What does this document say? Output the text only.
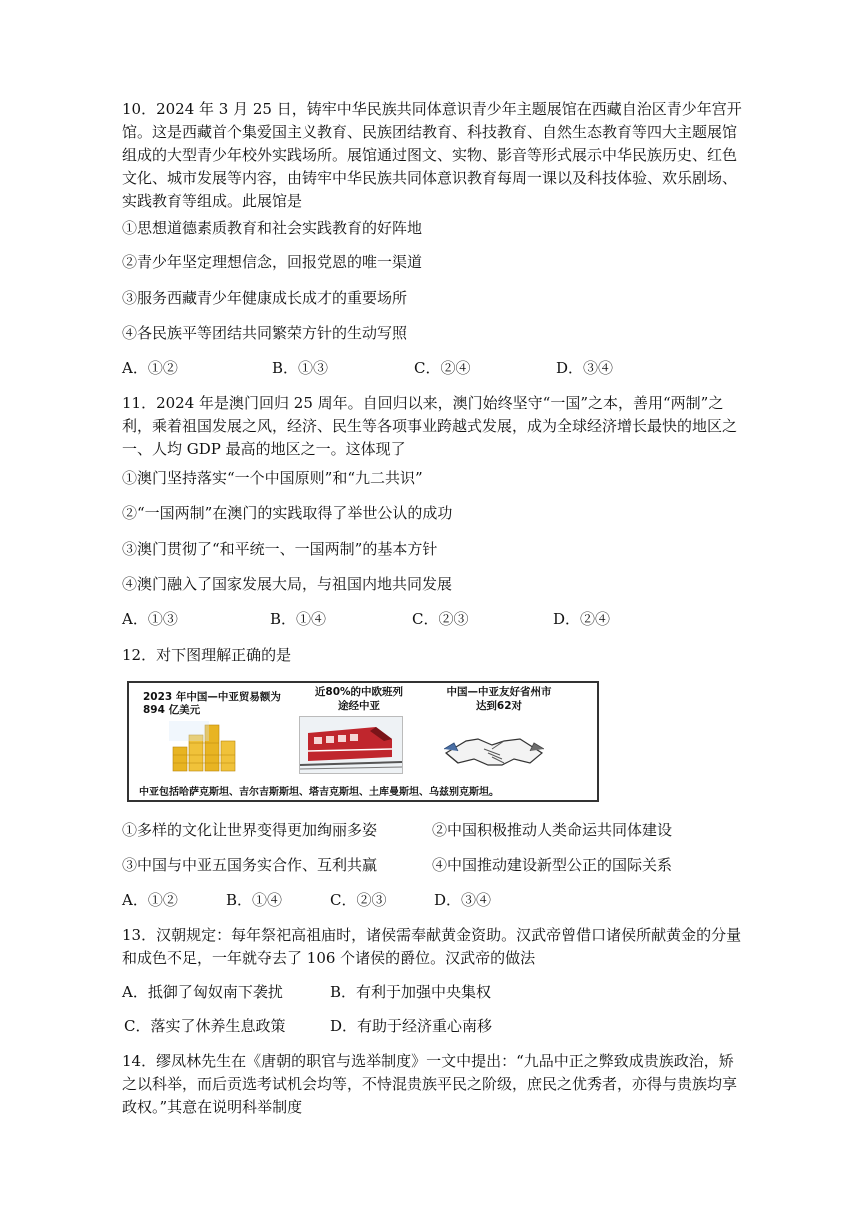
10．2024 年 3 月 25 日，铸牢中华民族共同体意识青少年主题展馆在西藏自治区青少年宫开馆。这是西藏首个集爱国主义教育、民族团结教育、科技教育、自然生态教育等四大主题展馆组成的大型青少年校外实践场所。展馆通过图文、实物、影音等形式展示中华民族历史、红色文化、城市发展等内容，由铸牢中华民族共同体意识教育每周一课以及科技体验、欢乐剧场、实践教育等组成。此展馆是
①思想道德素质教育和社会实践教育的好阵地
②青少年坚定理想信念，回报党恩的唯一渠道
③服务西藏青少年健康成长成才的重要场所
④各民族平等团结共同繁荣方针的生动写照
A．①②	B．①③	C．②④	D．③④
11．2024 年是澳门回归 25 周年。自回归以来，澳门始终坚守“一国”之本，善用“两制”之利，乘着祖国发展之风，经济、民生等各项事业跨越式发展，成为全球经济增长最快的地区之一、人均 GDP 最高的地区之一。这体现了
①澳门坚持落实“一个中国原则”和“九二共识”
②“一国两制”在澳门的实践取得了举世公认的成功
③澳门贯彻了“和平统一、一国两制”的基本方针
④澳门融入了国家发展大局，与祖国内地共同发展
A．①③	B．①④	C．②③	D．②④
12．对下图理解正确的是
2023 年中国—中亚贸易额为 894 亿美元
近80%的中欧班列
途经中亚
中国—中亚友好省州市
达到62对
中亚包括哈萨克斯坦、吉尔吉斯斯坦、塔吉克斯坦、土库曼斯坦、乌兹别克斯坦。
①多样的文化让世界变得更加绚丽多姿	②中国积极推动人类命运共同体建设
③中国与中亚五国务实合作、互利共赢	④中国推动建设新型公正的国际关系
A．①②	B．①④	C．②③	D．③④
13．汉朝规定：每年祭祀高祖庙时，诸侯需奉献黄金资助。汉武帝曾借口诸侯所献黄金的分量和成色不足，一年就夺去了 106 个诸侯的爵位。汉武帝的做法
A．抵御了匈奴南下袭扰	B．有利于加强中央集权
C．落实了休养生息政策	D．有助于经济重心南移
14．缪凤林先生在《唐朝的职官与选举制度》一文中提出：“九品中正之弊致成贵族政治，矫之以科举，而后贡选考试机会均等，不恃混贵族平民之阶级，庶民之优秀者，亦得与贵族均享政权。”其意在说明科举制度
